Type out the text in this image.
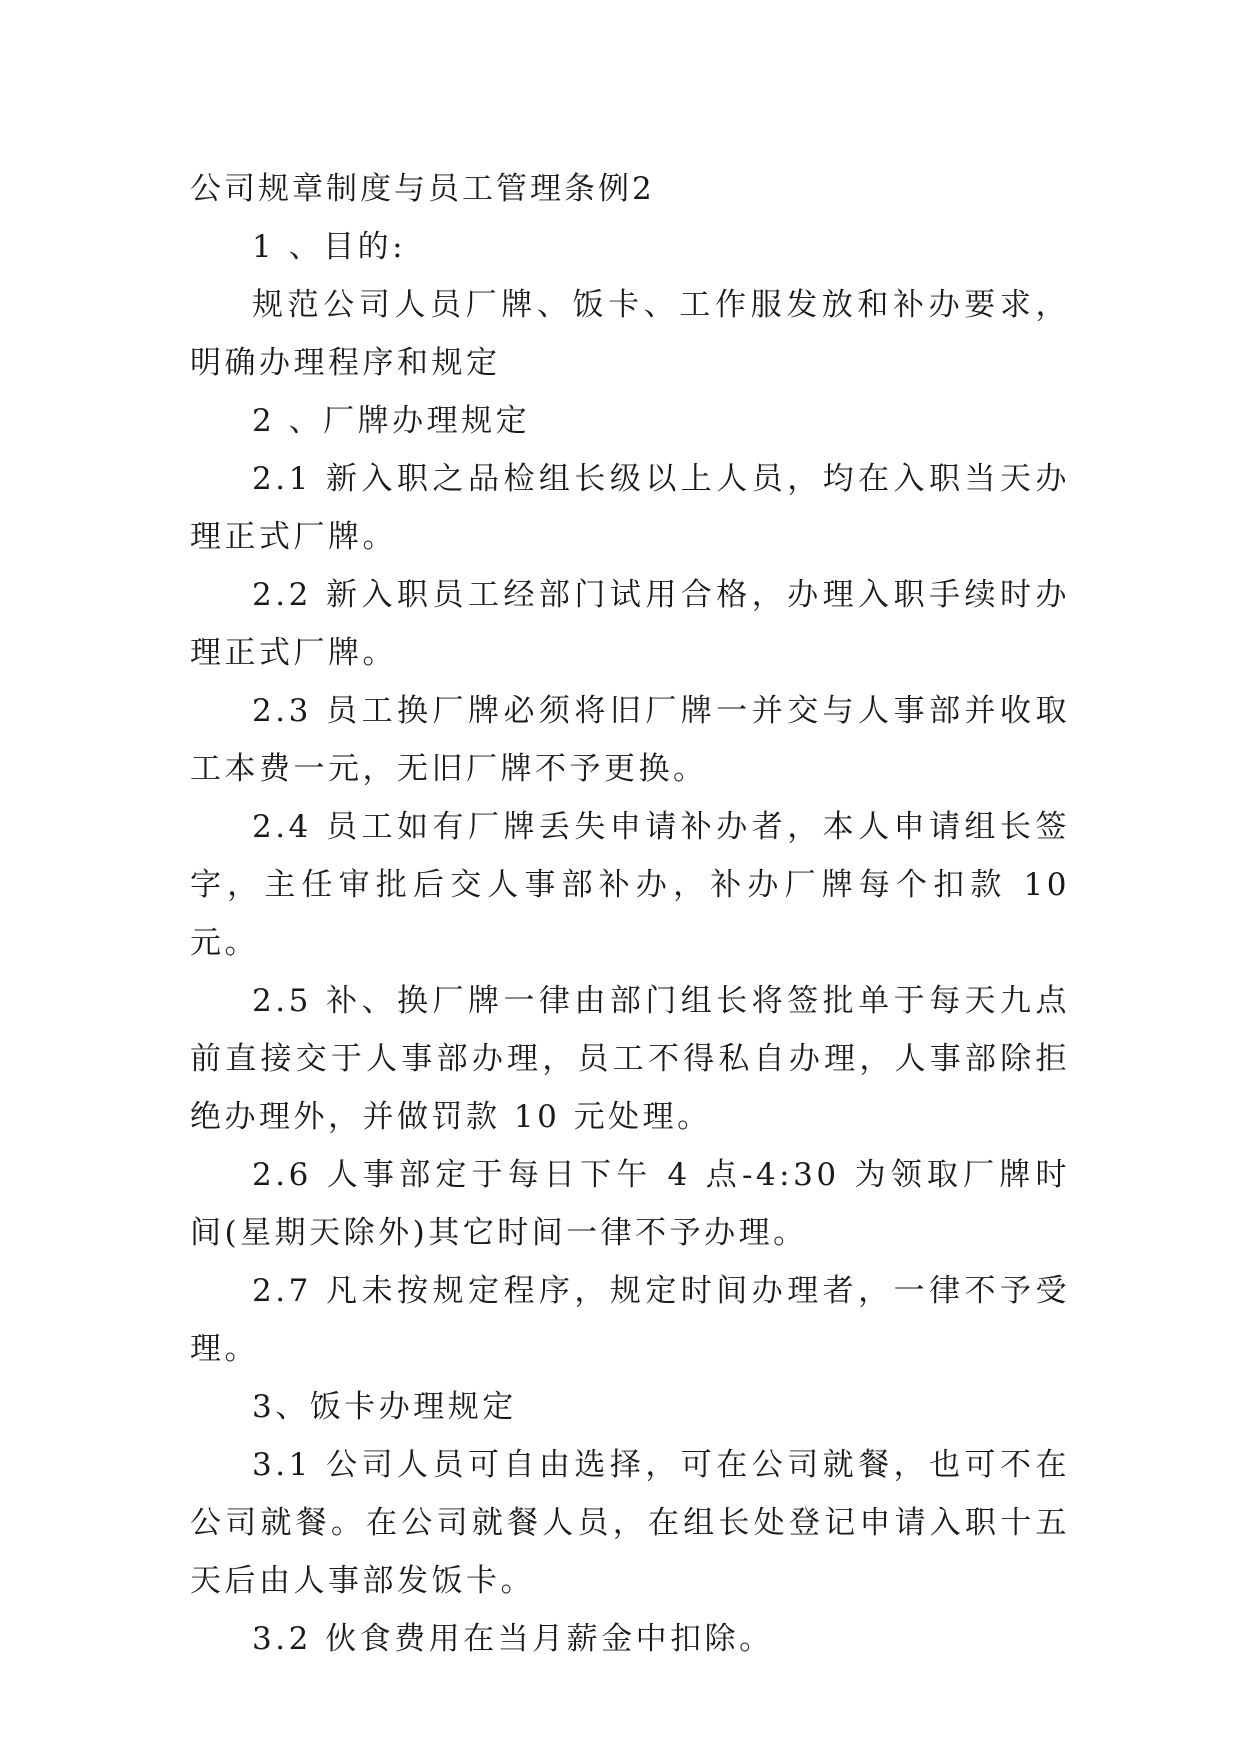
公司规章制度与员工管理条例2

1 、目的:

规范公司人员厂牌、饭卡、工作服发放和补办要求，明确办理程序和规定

2 、厂牌办理规定

2.1 新入职之品检组长级以上人员，均在入职当天办理正式厂牌。

2.2 新入职员工经部门试用合格，办理入职手续时办理正式厂牌。

2.3 员工换厂牌必须将旧厂牌一并交与人事部并收取工本费一元，无旧厂牌不予更换。

2.4 员工如有厂牌丢失申请补办者，本人申请组长签字，主任审批后交人事部补办，补办厂牌每个扣款 10 元。

2.5 补、换厂牌一律由部门组长将签批单于每天九点前直接交于人事部办理，员工不得私自办理，人事部除拒绝办理外，并做罚款 10 元处理。

2.6 人事部定于每日下午 4 点-4:30 为领取厂牌时间(星期天除外)其它时间一律不予办理。

2.7 凡未按规定程序，规定时间办理者，一律不予受理。

3、饭卡办理规定

3.1 公司人员可自由选择，可在公司就餐，也可不在公司就餐。在公司就餐人员，在组长处登记申请入职十五天后由人事部发饭卡。

3.2 伙食费用在当月薪金中扣除。
